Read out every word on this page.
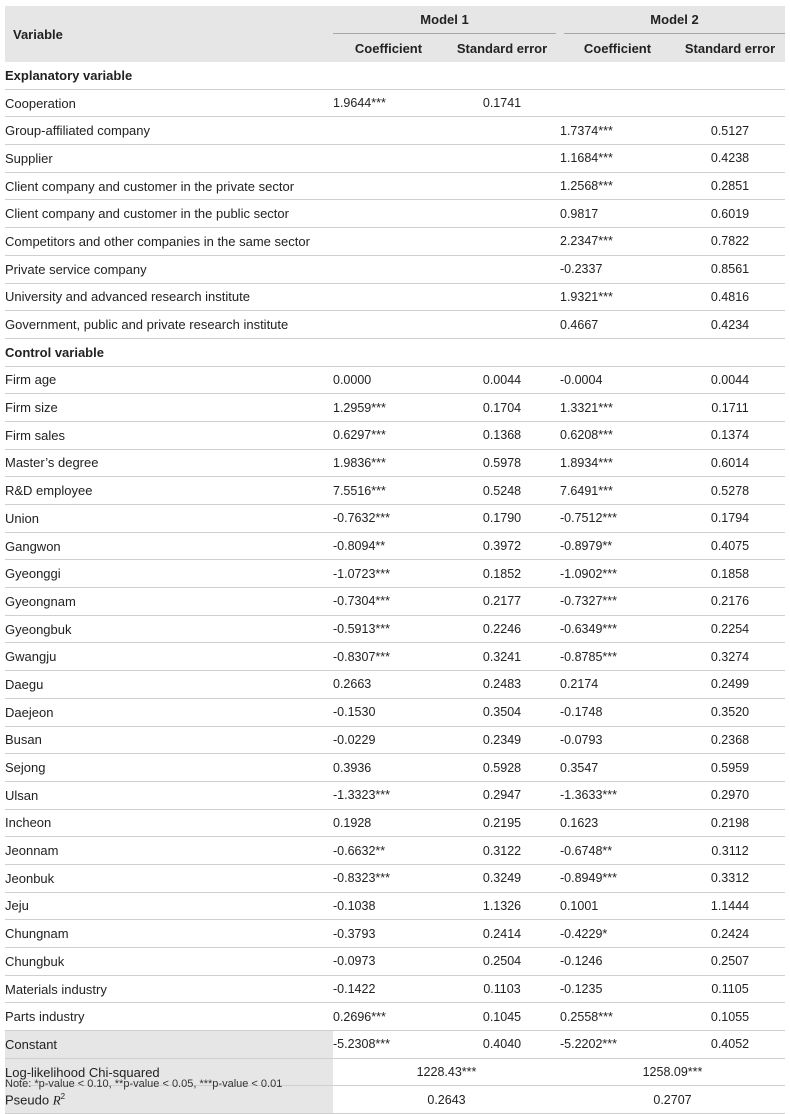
Variable	Model 1		Model 2	
	Coefficient	Standard error	Coefficient	Standard error
Explanatory variable				
Cooperation	1.9644***	0.1741		
Group-affiliated company			1.7374***	0.5127
Supplier			1.1684***	0.4238
Client company and customer in the private sector			1.2568***	0.2851
Client company and customer in the public sector			0.9817	0.6019
Competitors and other companies in the same sector			2.2347***	0.7822
Private service company			-0.2337	0.8561
University and advanced research institute			1.9321***	0.4816
Government, public and private research institute			0.4667	0.4234
Control variable				
Firm age	0.0000	0.0044	-0.0004	0.0044
Firm size	1.2959***	0.1704	1.3321***	0.1711
Firm sales	0.6297***	0.1368	0.6208***	0.1374
Master’s degree	1.9836***	0.5978	1.8934***	0.6014
R&D employee	7.5516***	0.5248	7.6491***	0.5278
Union	-0.7632***	0.1790	-0.7512***	0.1794
Gangwon	-0.8094**	0.3972	-0.8979**	0.4075
Gyeonggi	-1.0723***	0.1852	-1.0902***	0.1858
Gyeongnam	-0.7304***	0.2177	-0.7327***	0.2176
Gyeongbuk	-0.5913***	0.2246	-0.6349***	0.2254
Gwangju	-0.8307***	0.3241	-0.8785***	0.3274
Daegu	0.2663	0.2483	0.2174	0.2499
Daejeon	-0.1530	0.3504	-0.1748	0.3520
Busan	-0.0229	0.2349	-0.0793	0.2368
Sejong	0.3936	0.5928	0.3547	0.5959
Ulsan	-1.3323***	0.2947	-1.3633***	0.2970
Incheon	0.1928	0.2195	0.1623	0.2198
Jeonnam	-0.6632**	0.3122	-0.6748**	0.3112
Jeonbuk	-0.8323***	0.3249	-0.8949***	0.3312
Jeju	-0.1038	1.1326	0.1001	1.1444
Chungnam	-0.3793	0.2414	-0.4229*	0.2424
Chungbuk	-0.0973	0.2504	-0.1246	0.2507
Materials industry	-0.1422	0.1103	-0.1235	0.1105
Parts industry	0.2696***	0.1045	0.2558***	0.1055
Constant	-5.2308***	0.4040	-5.2202***	0.4052
Log-likelihood Chi-squared	1228.43***		1258.09***	
Pseudo $R^2$	0.2643		0.2707	
Note: *p-value < 0.10, **p-value < 0.05, ***p-value < 0.01
